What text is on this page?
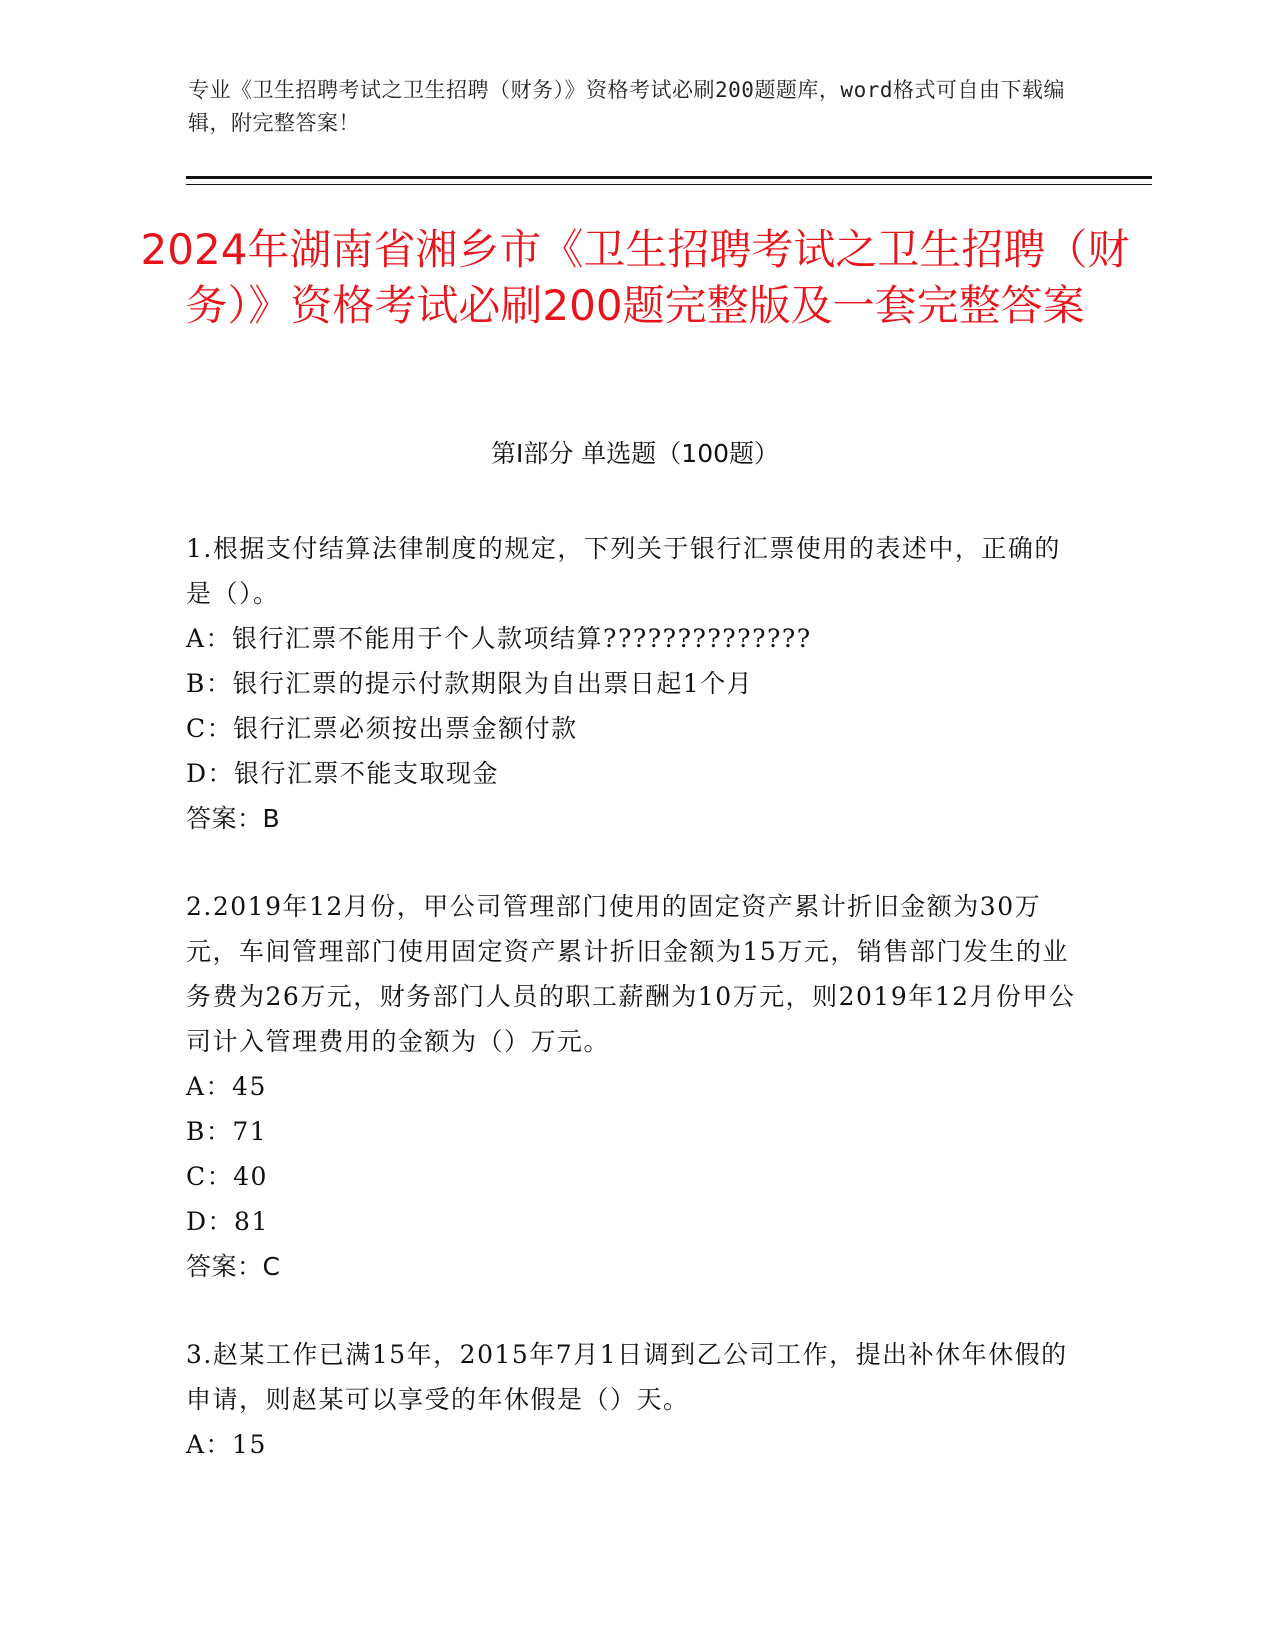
专业《卫生招聘考试之卫生招聘（财务）》资格考试必刷200题题库，word格式可自由下载编辑，附完整答案！
2024年湖南省湘乡市《卫生招聘考试之卫生招聘（财务）》资格考试必刷200题完整版及一套完整答案
第Ⅰ部分 单选题（100题）

1.根据支付结算法律制度的规定，下列关于银行汇票使用的表述中，正确的是（）。

A：银行汇票不能用于个人款项结算??????????????

B：银行汇票的提示付款期限为自出票日起1个月

C：银行汇票必须按出票金额付款

D：银行汇票不能支取现金

答案：B

2.2019年12月份，甲公司管理部门使用的固定资产累计折旧金额为30万元，车间管理部门使用固定资产累计折旧金额为15万元，销售部门发生的业务费为26万元，财务部门人员的职工薪酬为10万元，则2019年12月份甲公司计入管理费用的金额为（）万元。

A：45

B：71

C：40

D：81

答案：C

3.赵某工作已满15年，2015年7月1日调到乙公司工作，提出补休年休假的申请，则赵某可以享受的年休假是（）天。

A：15
